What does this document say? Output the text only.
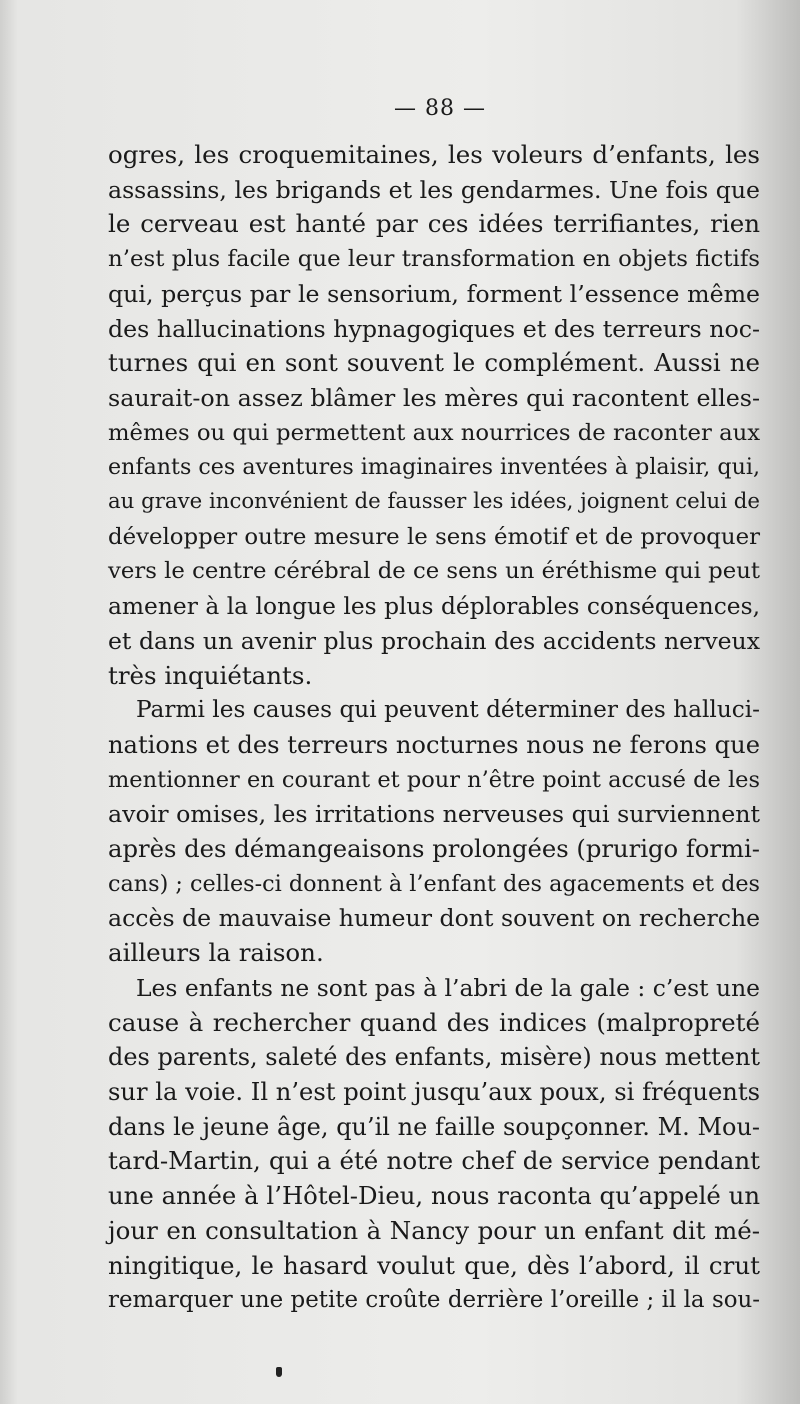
— 88 —
ogres, les croquemitaines, les voleurs d’enfants, les
assassins, les brigands et les gendarmes. Une fois que
le cerveau est hanté par ces idées terrifiantes, rien
n’est plus facile que leur transformation en objets fictifs
qui, perçus par le sensorium, forment l’essence même
des hallucinations hypnagogiques et des terreurs noc-
turnes qui en sont souvent le complément. Aussi ne
saurait-on assez blâmer les mères qui racontent elles-
mêmes ou qui permettent aux nourrices de raconter aux
enfants ces aventures imaginaires inventées à plaisir, qui,
au grave inconvénient de fausser les idées, joignent celui de
développer outre mesure le sens émotif et de provoquer
vers le centre cérébral de ce sens un éréthisme qui peut
amener à la longue les plus déplorables conséquences,
et dans un avenir plus prochain des accidents nerveux
très inquiétants.
Parmi les causes qui peuvent déterminer des halluci-
nations et des terreurs nocturnes nous ne ferons que
mentionner en courant et pour n’être point accusé de les
avoir omises, les irritations nerveuses qui surviennent
après des démangeaisons prolongées (prurigo formi-
cans) ; celles-ci donnent à l’enfant des agacements et des
accès de mauvaise humeur dont souvent on recherche
ailleurs la raison.
Les enfants ne sont pas à l’abri de la gale : c’est une
cause à rechercher quand des indices (malpropreté
des parents, saleté des enfants, misère) nous mettent
sur la voie. Il n’est point jusqu’aux poux, si fréquents
dans le jeune âge, qu’il ne faille soupçonner. M. Mou-
tard-Martin, qui a été notre chef de service pendant
une année à l’Hôtel-Dieu, nous raconta qu’appelé un
jour en consultation à Nancy pour un enfant dit mé-
ningitique, le hasard voulut que, dès l’abord, il crut
remarquer une petite croûte derrière l’oreille ; il la sou-
